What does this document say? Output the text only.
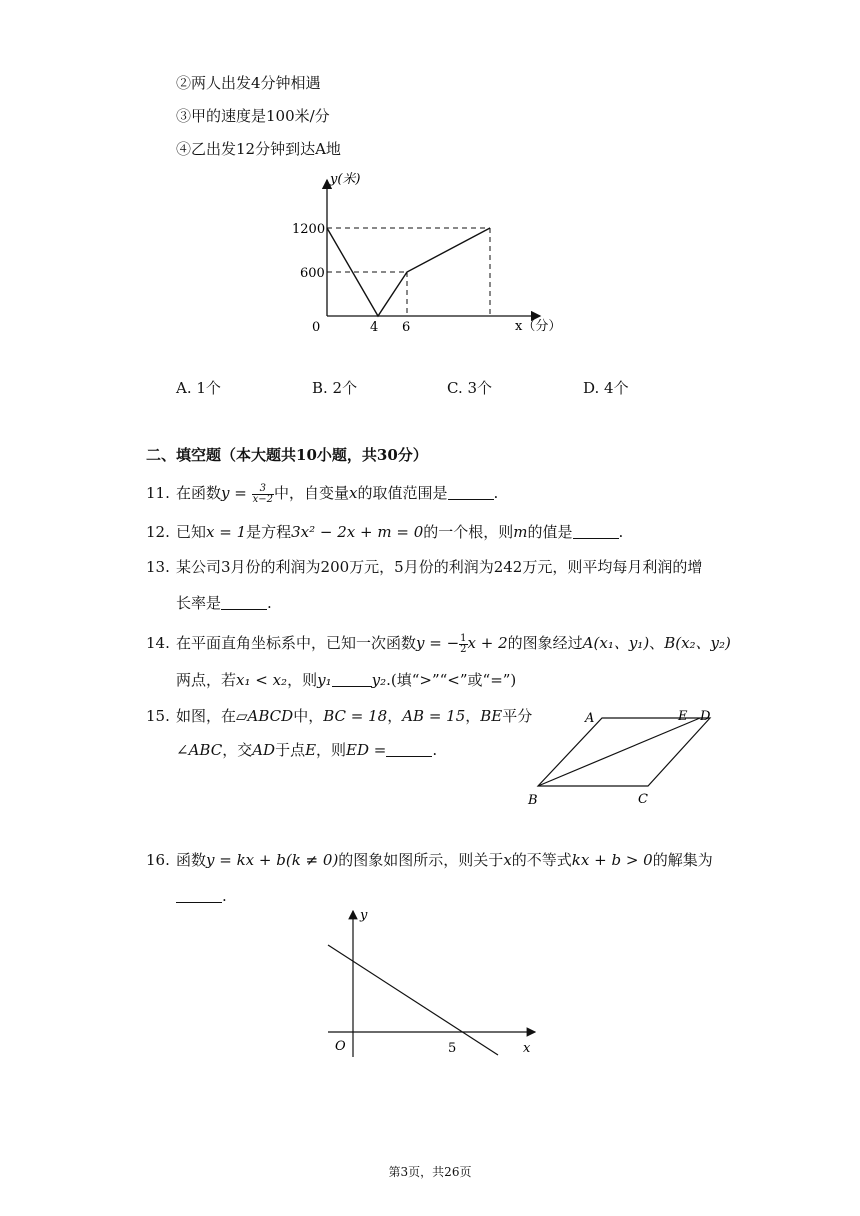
②两人出发4分钟相遇
③甲的速度是100米/分
④乙出发12分钟到达A地
y(米)
1200
600
0	4 6	x（分）
A. 1个	B. 2个	C. 3个	D. 4个
二、填空题（本大题共10小题，共30分）
11. 在函数$y = \frac{3}{x-2}$ 中，自变量x的取值范围是	.
12. 已知x = 1是方程3x² − 2x + m = 0的一个根，则m的值是	.
13. 某公司3月份的利润为200万元，5月份的利润为242万元，则平均每月利润的增
长率是	.
14. 在平面直角坐标系中，已知一次函数y = − $\frac{1}{2}$ x + 2的图象经过A(x₁、y₁)、B(x₂、y₂)
两点，若x₁ < x₂，则y₁	y₂.(填“>”“<”或“=”)
15. 如图，在▱ABCD中，BC = 18，AB = 15，BE平分
∠ABC，交AD于点E，则ED =	.
A	E D
B	C
16. 函数y = kx + b(k ≠ 0)的图象如图所示，则关于x的不等式kx + b > 0的解集为
.
y
x
O	5
第3页，共26页
